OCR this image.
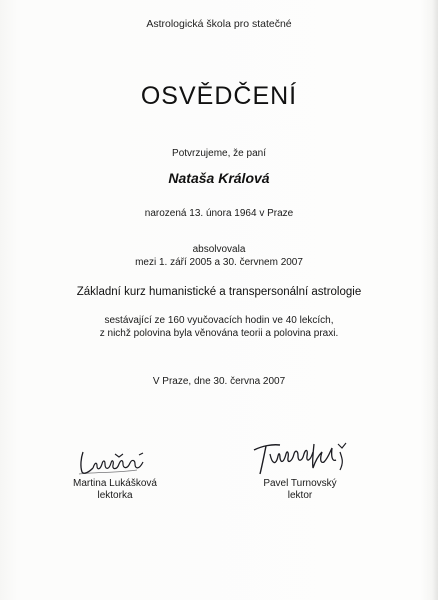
Astrologická škola pro statečné
OSVĚDČENÍ
Potvrzujeme, že paní
Nataša Králová
narozená 13. února 1964 v Praze
absolvovala
mezi 1. září 2005 a 30. červnem 2007
Základní kurz humanistické a transpersonální astrologie
sestávající ze 160 vyučovacích hodin ve 40 lekcích,
z nichž polovina byla věnována teorii a polovina praxi.
V Praze, dne 30. června 2007
Martina Lukášková
lektorka
Pavel Turnovský
lektor
